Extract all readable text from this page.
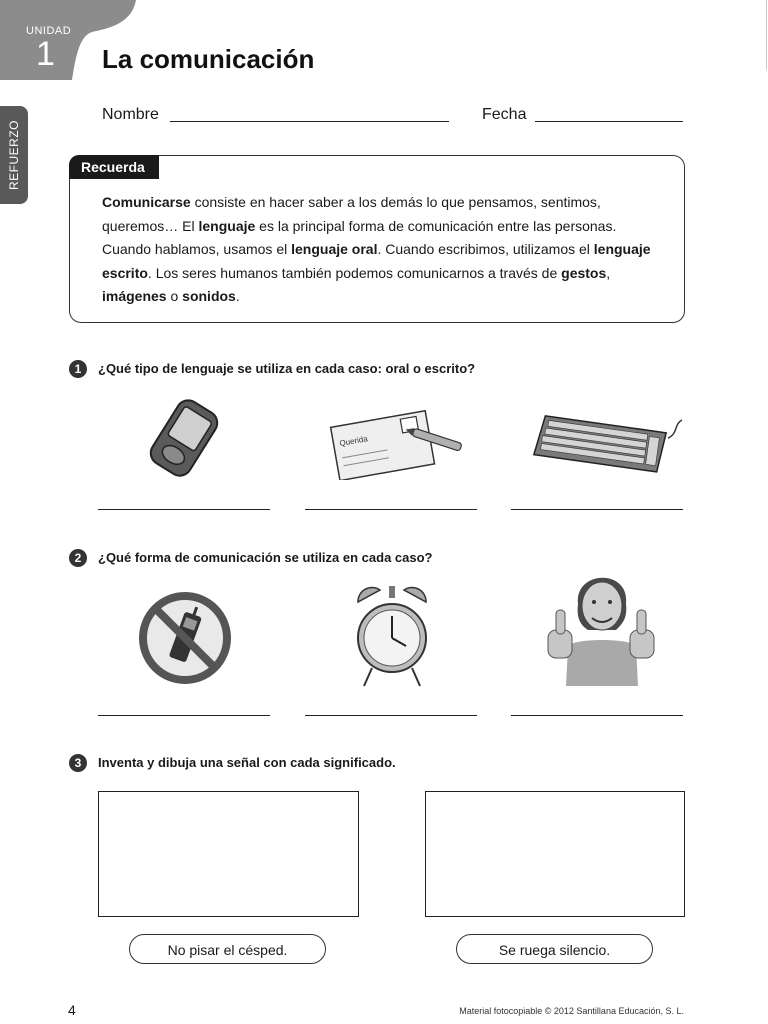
UNIDAD
1 La comunicación
REFUERZO
Nombre	Fecha
Recuerda
Comunicarse consiste en hacer saber a los demás lo que pensamos, sentimos, queremos… El lenguaje es la principal forma de comunicación entre las personas. Cuando hablamos, usamos el lenguaje oral. Cuando escribimos, utilizamos el lenguaje escrito. Los seres humanos también podemos comunicarnos a través de gestos, imágenes o sonidos.
1	¿Qué tipo de lenguaje se utiliza en cada caso: oral o escrito?
Querida
2	¿Qué forma de comunicación se utiliza en cada caso?
3	Inventa y dibuja una señal con cada significado.
No pisar el césped.	Se ruega silencio.
4	Material fotocopiable © 2012 Santillana Educación, S. L.
